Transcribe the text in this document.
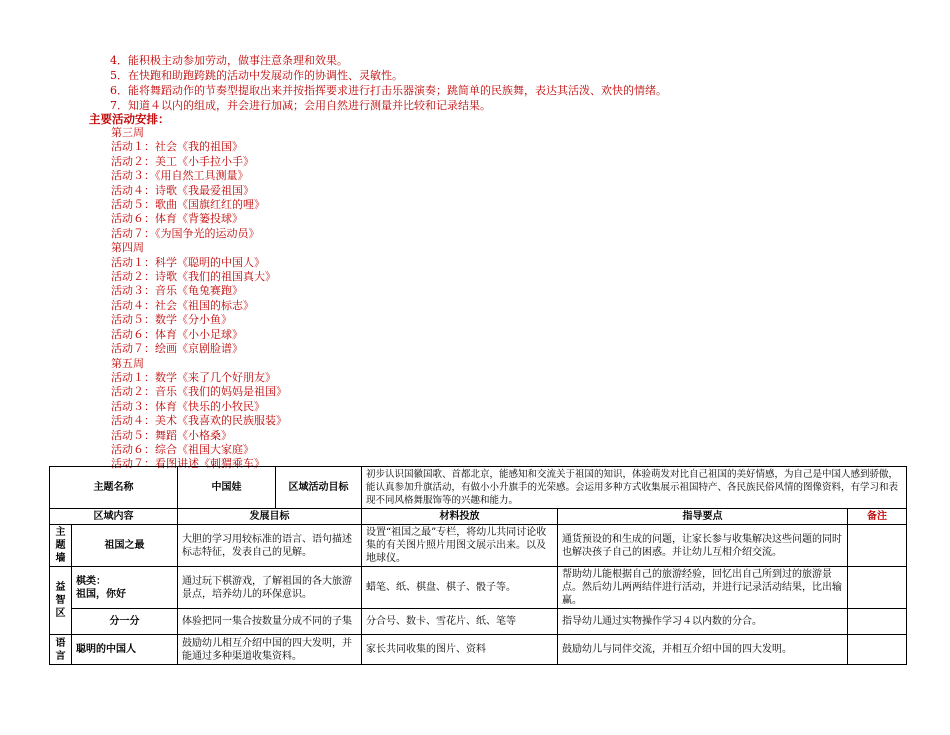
4．能积极主动参加劳动，做事注意条理和效果。
5．在快跑和助跑跨跳的活动中发展动作的协调性、灵敏性。
6．能将舞蹈动作的节奏型提取出来并按指挥要求进行打击乐器演奏；跳简单的民族舞，表达其活泼、欢快的情绪。
7．知道４以内的组成，并会进行加减；会用自然进行测量并比较和记录结果。
主要活动安排：
第三周
活动１：社会《我的祖国》
活动２：美工《小手拉小手》
活动３：《用自然工具测量》
活动４：诗歌《我最爱祖国》
活动５：歌曲《国旗红红的哩》
活动６：体育《背篓投球》
活动７：《为国争光的运动员》
第四周
活动１：科学《聪明的中国人》
活动２：诗歌《我们的祖国真大》
活动３：音乐《龟兔赛跑》
活动４：社会《祖国的标志》
活动５：数学《分小鱼》
活动６：体育《小小足球》
活动７：绘画《京剧脸谱》
第五周
活动１：数学《来了几个好朋友》
活动２：音乐《我们的妈妈是祖国》
活动３：体育《快乐的小牧民》
活动４：美术《我喜欢的民族服装》
活动５：舞蹈《小格桑》
活动６：综合《祖国大家庭》
活动７：看图讲述《刺猬乘车》
主题名称		中国娃	区域活动目标	初步认识国徽国歌、首都北京，能感知和交流关于祖国的知识，体验萌发对比自己祖国的美好情感，为自己是中国人感到骄傲，能认真参加升旗活动，有做小小升旗手的光荣感。会运用多种方式收集展示祖国特产、各民族民俗风情的图像资料，有学习和表现不同风格舞服饰等的兴趣和能力。		
区域内容		发展目标		材料投放	指导要点	备注
主
题
墙	祖国之最	大胆的学习用较标准的语言、语句描述标志特征，发表自己的见解。		设置“祖国之最”专栏，将幼儿共同讨论收集的有关图片照片用图文展示出来。以及地球仪。	通货预设的和生成的问题，让家长参与收集解决这些问题的同时也解决孩子自己的困惑。并让幼儿互相介绍交流。	
益
智
区	棋类：
祖国，你好	通过玩下棋游戏，了解祖国的各大旅游景点，培养幼儿的环保意识。		蜡笔、纸、棋盘、棋子、骰子等。	帮助幼儿能根据自己的旅游经验，回忆出自己所到过的旅游景点。然后幼儿两两结伴进行活动，并进行记录活动结果，比出输赢。	
	分一分	体验把同一集合按数量分成不同的子集		分合号、数卡、雪花片、纸、笔等	指导幼儿通过实物操作学习４以内数的分合。	
语
言	聪明的中国人	鼓励幼儿相互介绍中国的四大发明，并能通过多种渠道收集资料。		家长共同收集的图片、资料	鼓励幼儿与同伴交流，并相互介绍中国的四大发明。	
